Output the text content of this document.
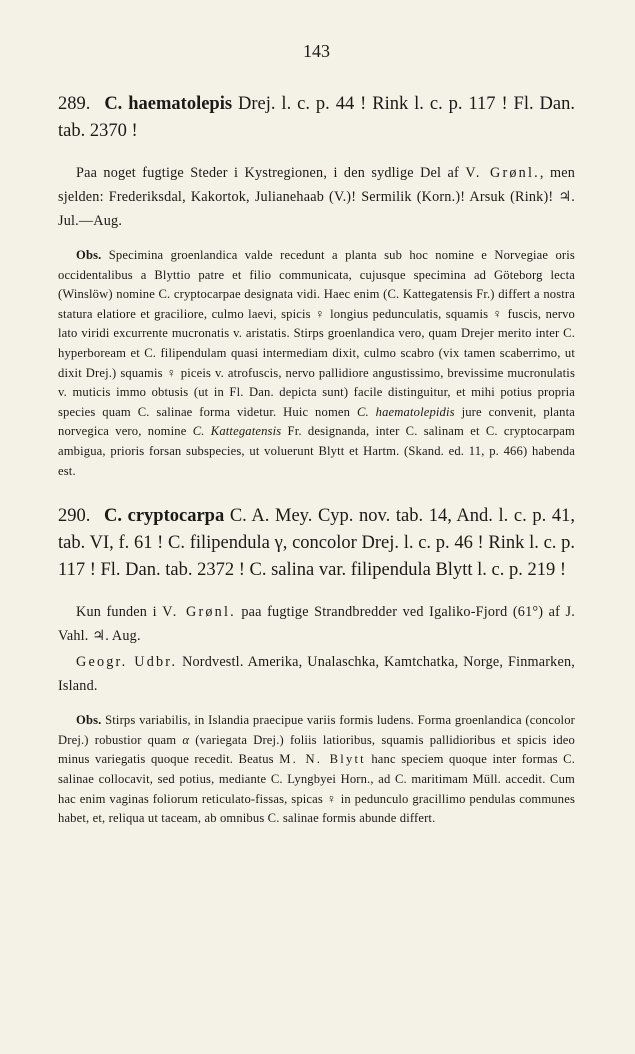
143

289. C. haematolepis Drej. l. c. p. 44 ! Rink l. c. p. 117 ! Fl. Dan. tab. 2370 !

Paa noget fugtige Steder i Kystregionen, i den sydlige Del af V. Grønl., men sjelden: Frederiksdal, Kakortok, Julianehaab (V.)! Sermilik (Korn.)! Arsuk (Rink)! ♃. Jul.—Aug.

Obs. Specimina groenlandica valde recedunt a planta sub hoc nomine e Norvegiae oris occidentalibus a Blyttio patre et filio communicata, cujusque specimina ad Göteborg lecta (Winslöw) nomine C. cryptocarpae designata vidi. Haec enim (C. Kattegatensis Fr.) differt a nostra statura elatiore et graciliore, culmo laevi, spicis ♀ longius pedunculatis, squamis ♀ fuscis, nervo lato viridi excurrente mucronatis v. aristatis. Stirps groenlandica vero, quam Drejer merito inter C. hyperboream et C. filipendulam quasi intermediam dixit, culmo scabro (vix tamen scaberrimo, ut dixit Drej.) squamis ♀ piceis v. atrofuscis, nervo pallidiore angustissimo, brevissime mucronulatis v. muticis immo obtusis (ut in Fl. Dan. depicta sunt) facile distinguitur, et mihi potius propria species quam C. salinae forma videtur. Huic nomen C. haematolepidis jure convenit, planta norvegica vero, nomine C. Kattegatensis Fr. designanda, inter C. salinam et C. cryptocarpam ambigua, prioris forsan subspecies, ut voluerunt Blytt et Hartm. (Skand. ed. 11, p. 466) habenda est.

290. C. cryptocarpa C. A. Mey. Cyp. nov. tab. 14, And. l. c. p. 41, tab. VI, f. 61 ! C. filipendula γ, concolor Drej. l. c. p. 46 ! Rink l. c. p. 117 ! Fl. Dan. tab. 2372 ! C. salina var. filipendula Blytt l. c. p. 219 !

Kun funden i V. Grønl. paa fugtige Strandbredder ved Igaliko-Fjord (61°) af J. Vahl. ♃. Aug.

Geogr. Udbr. Nordvestl. Amerika, Unalaschka, Kamtchatka, Norge, Finmarken, Island.

Obs. Stirps variabilis, in Islandia praecipue variis formis ludens. Forma groenlandica (concolor Drej.) robustior quam α (variegata Drej.) foliis latioribus, squamis pallidioribus et spicis ideo minus variegatis quoque recedit. Beatus M. N. Blytt hanc speciem quoque inter formas C. salinae collocavit, sed potius, mediante C. Lyngbyei Horn., ad C. maritimam Müll. accedit. Cum hac enim vaginas foliorum reticulato-fissas, spicas ♀ in pedunculo gracillimo pendulas communes habet, et, reliqua ut taceam, ab omnibus C. salinae formis abunde differt.
